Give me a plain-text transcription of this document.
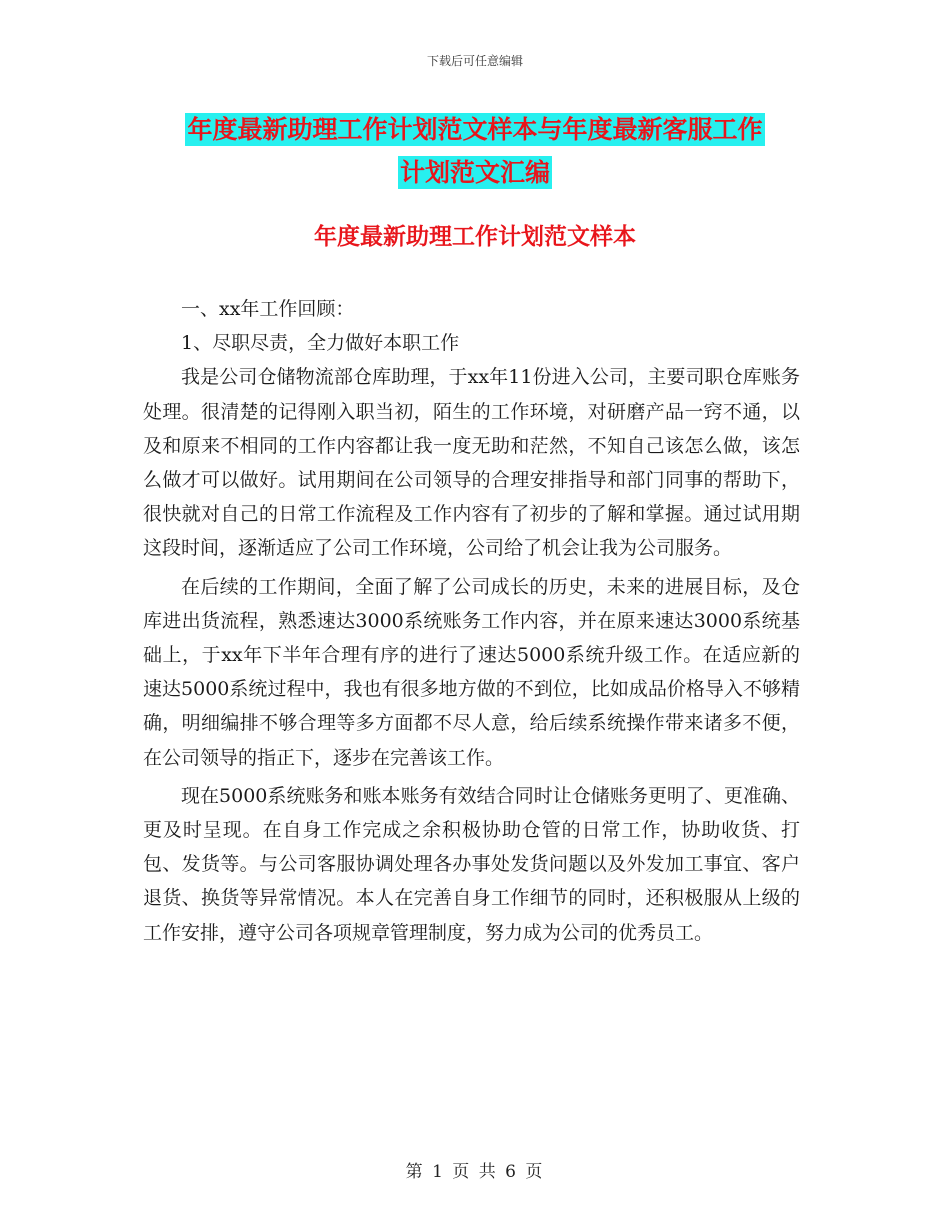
下载后可任意编辑
年度最新助理工作计划范文样本与年度最新客服工作
计划范文汇编
年度最新助理工作计划范文样本

一、xx年工作回顾：

1、尽职尽责，全力做好本职工作

我是公司仓储物流部仓库助理，于xx年11份进入公司，主要司职仓库账务处理。很清楚的记得刚入职当初，陌生的工作环境，对研磨产品一窍不通，以及和原来不相同的工作内容都让我一度无助和茫然，不知自己该怎么做，该怎么做才可以做好。试用期间在公司领导的合理安排指导和部门同事的帮助下，很快就对自己的日常工作流程及工作内容有了初步的了解和掌握。通过试用期这段时间，逐渐适应了公司工作环境，公司给了机会让我为公司服务。

在后续的工作期间，全面了解了公司成长的历史，未来的进展目标，及仓库进出货流程，熟悉速达3000系统账务工作内容，并在原来速达3000系统基础上，于xx年下半年合理有序的进行了速达5000系统升级工作。在适应新的速达5000系统过程中，我也有很多地方做的不到位，比如成品价格导入不够精确，明细编排不够合理等多方面都不尽人意，给后续系统操作带来诸多不便，在公司领导的指正下，逐步在完善该工作。

现在5000系统账务和账本账务有效结合同时让仓储账务更明了、更准确、更及时呈现。在自身工作完成之余积极协助仓管的日常工作，协助收货、打包、发货等。与公司客服协调处理各办事处发货问题以及外发加工事宜、客户退货、换货等异常情况。本人在完善自身工作细节的同时，还积极服从上级的工作安排，遵守公司各项规章管理制度，努力成为公司的优秀员工。

第 1 页 共 6 页
